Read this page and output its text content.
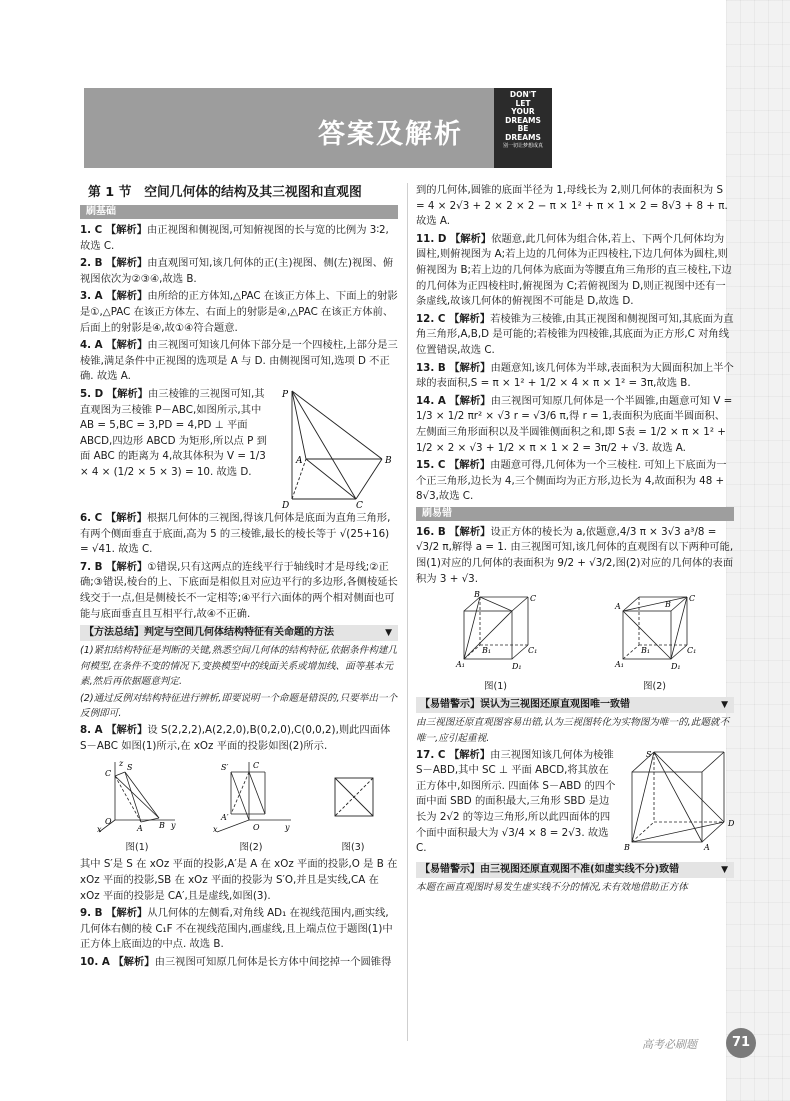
答案及解析
DON'T
LET
YOUR
DREAMS
BE
DREAMS
别一切让梦想成真
第 1 节　空间几何体的结构及其三视图和直观图
刷基础
1. C 【解析】由正视图和侧视图,可知俯视图的长与宽的比例为 3∶2,故选 C.
2. B 【解析】由直观图可知,该几何体的正(主)视图、侧(左)视图、俯视图依次为②③④,故选 B.
3. A 【解析】由所给的正方体知,△PAC 在该正方体上、下面上的射影是①,△PAC 在该正方体左、右面上的射影是④,△PAC 在该正方体前、后面上的射影是④,故①④符合题意.
4. A 【解析】由三视图可知该几何体下部分是一个四棱柱,上部分是三棱锥,满足条件中正视图的选项是 A 与 D. 由侧视图可知,选项 D 不正确. 故选 A.
P
A	B
C
D
5. D 【解析】由三棱锥的三视图可知,其直观图为三棱锥 P－ABC,如图所示,其中 AB = 5,BC = 3,PD = 4,PD ⊥ 平面 ABCD,四边形 ABCD 为矩形,所以点 P 到面 ABC 的距离为 4,故其体积为 V = 1/3 × 4 × (1/2 × 5 × 3) = 10. 故选 D.
6. C 【解析】根据几何体的三视图,得该几何体是底面为直角三角形,有两个侧面垂直于底面,高为 5 的三棱锥,最长的棱长等于 √(25+16) = √41. 故选 C.
7. B 【解析】①错误,只有这两点的连线平行于轴线时才是母线;②正确;③错误,棱台的上、下底面是相似且对应边平行的多边形,各侧棱延长线交于一点,但是侧棱长不一定相等;④平行六面体的两个相对侧面也可能与底面垂直且互相平行,故④不正确.
【方法总结】判定与空间几何体结构特征有关命题的方法	▼
(1)紧扣结构特征是判断的关键,熟悉空间几何体的结构特征,依据条件构建几何模型,在条件不变的情况下,变换模型中的线面关系或增加线、面等基本元素,然后再依据题意判定.
(2)通过反例对结构特征进行辨析,即要说明一个命题是错误的,只要举出一个反例即可.
8. A 【解析】设 S(2,2,2),A(2,2,0),B(0,2,0),C(0,0,2),则此四面体 S－ABC 如图(1)所示,在 xOz 平面的投影如图(2)所示.
z
C
S
O
A B y
x
图(1)
S′	C
A′
O	y
x
图(2)	图(3)
其中 S′是 S 在 xOz 平面的投影,A′是 A 在 xOz 平面的投影,O 是 B 在 xOz 平面的投影,SB 在 xOz 平面的投影为 S′O,并且是实线,CA 在 xOz 平面的投影是 CA′,且是虚线,如图(3).
9. B 【解析】从几何体的左侧看,对角线 AD₁ 在视线范围内,画实线,几何体右侧的棱 C₁F 不在视线范围内,画虚线,且上端点位于题图(1)中正方体上底面边的中点. 故选 B.
10. A 【解析】由三视图可知原几何体是长方体中间挖掉一个圆锥得
到的几何体,圆锥的底面半径为 1,母线长为 2,则几何体的表面积为 S = 4 × 2√3 + 2 × 2 × 2 − π × 1² + π × 1 × 2 = 8√3 + 8 + π. 故选 A.
11. D 【解析】依题意,此几何体为组合体,若上、下两个几何体均为圆柱,则俯视图为 A;若上边的几何体为正四棱柱,下边几何体为圆柱,则俯视图为 B;若上边的几何体为底面为等腰直角三角形的直三棱柱,下边的几何体为正四棱柱时,俯视图为 C;若俯视图为 D,则正视图中还有一条虚线,故该几何体的俯视图不可能是 D,故选 D.
12. C 【解析】若棱锥为三棱锥,由其正视图和侧视图可知,其底面为直角三角形,A,B,D 是可能的;若棱锥为四棱锥,其底面为正方形,C 对角线位置错误,故选 C.
13. B 【解析】由题意知,该几何体为半球,表面积为大圆面积加上半个球的表面积,S = π × 1² + 1/2 × 4 × π × 1² = 3π,故选 B.
14. A 【解析】由三视图可知原几何体是一个半圆锥,由题意可知 V = 1/3 × 1/2 πr² × √3 r = √3/6 π,得 r = 1,表面积为底面半圆面积、左侧面三角形面积以及半圆锥侧面积之和,即 S表 = 1/2 × π × 1² + 1/2 × 2 × √3 + 1/2 × π × 1 × 2 = 3π/2 + √3. 故选 A.
15. C 【解析】由题意可得,几何体为一个三棱柱. 可知上下底面为一个正三角形,边长为 4,三个侧面均为正方形,边长为 4,故面积为 48 + 8√3,故选 C.
刷易错
16. B 【解析】设正方体的棱长为 a,依题意,4/3 π × 3√3 a³/8 = √3/2 π,解得 a = 1. 由三视图可知,该几何体的直观图有以下两种可能,图(1)对应的几何体的表面积为 9/2 + √3/2,图(2)对应的几何体的表面积为 3 + √3.
B	C
A₁
B₁
D₁
C₁
图(1)
A	B
C
A₁
B₁
D₁
C₁
图(2)
【易错警示】误认为三视图还原直观图唯一致错	▼
由三视图还原直观图容易出错,认为三视图转化为实物图为唯一的,此题就不唯一,应引起重视.
S
D
B	A
17. C 【解析】由三视图知该几何体为棱锥 S－ABD,其中 SC ⊥ 平面 ABCD,将其放在正方体中,如图所示. 四面体 S－ABD 的四个面中面 SBD 的面积最大,三角形 SBD 是边长为 2√2 的等边三角形,所以此四面体的四个面中面积最大为 √3/4 × 8 = 2√3. 故选 C.
【易错警示】由三视图还原直观图不准(如虚实线不分)致错	▼
本题在画直观图时易发生虚实线不分的情况,未有效地借助正方体
高考必刷题	71
